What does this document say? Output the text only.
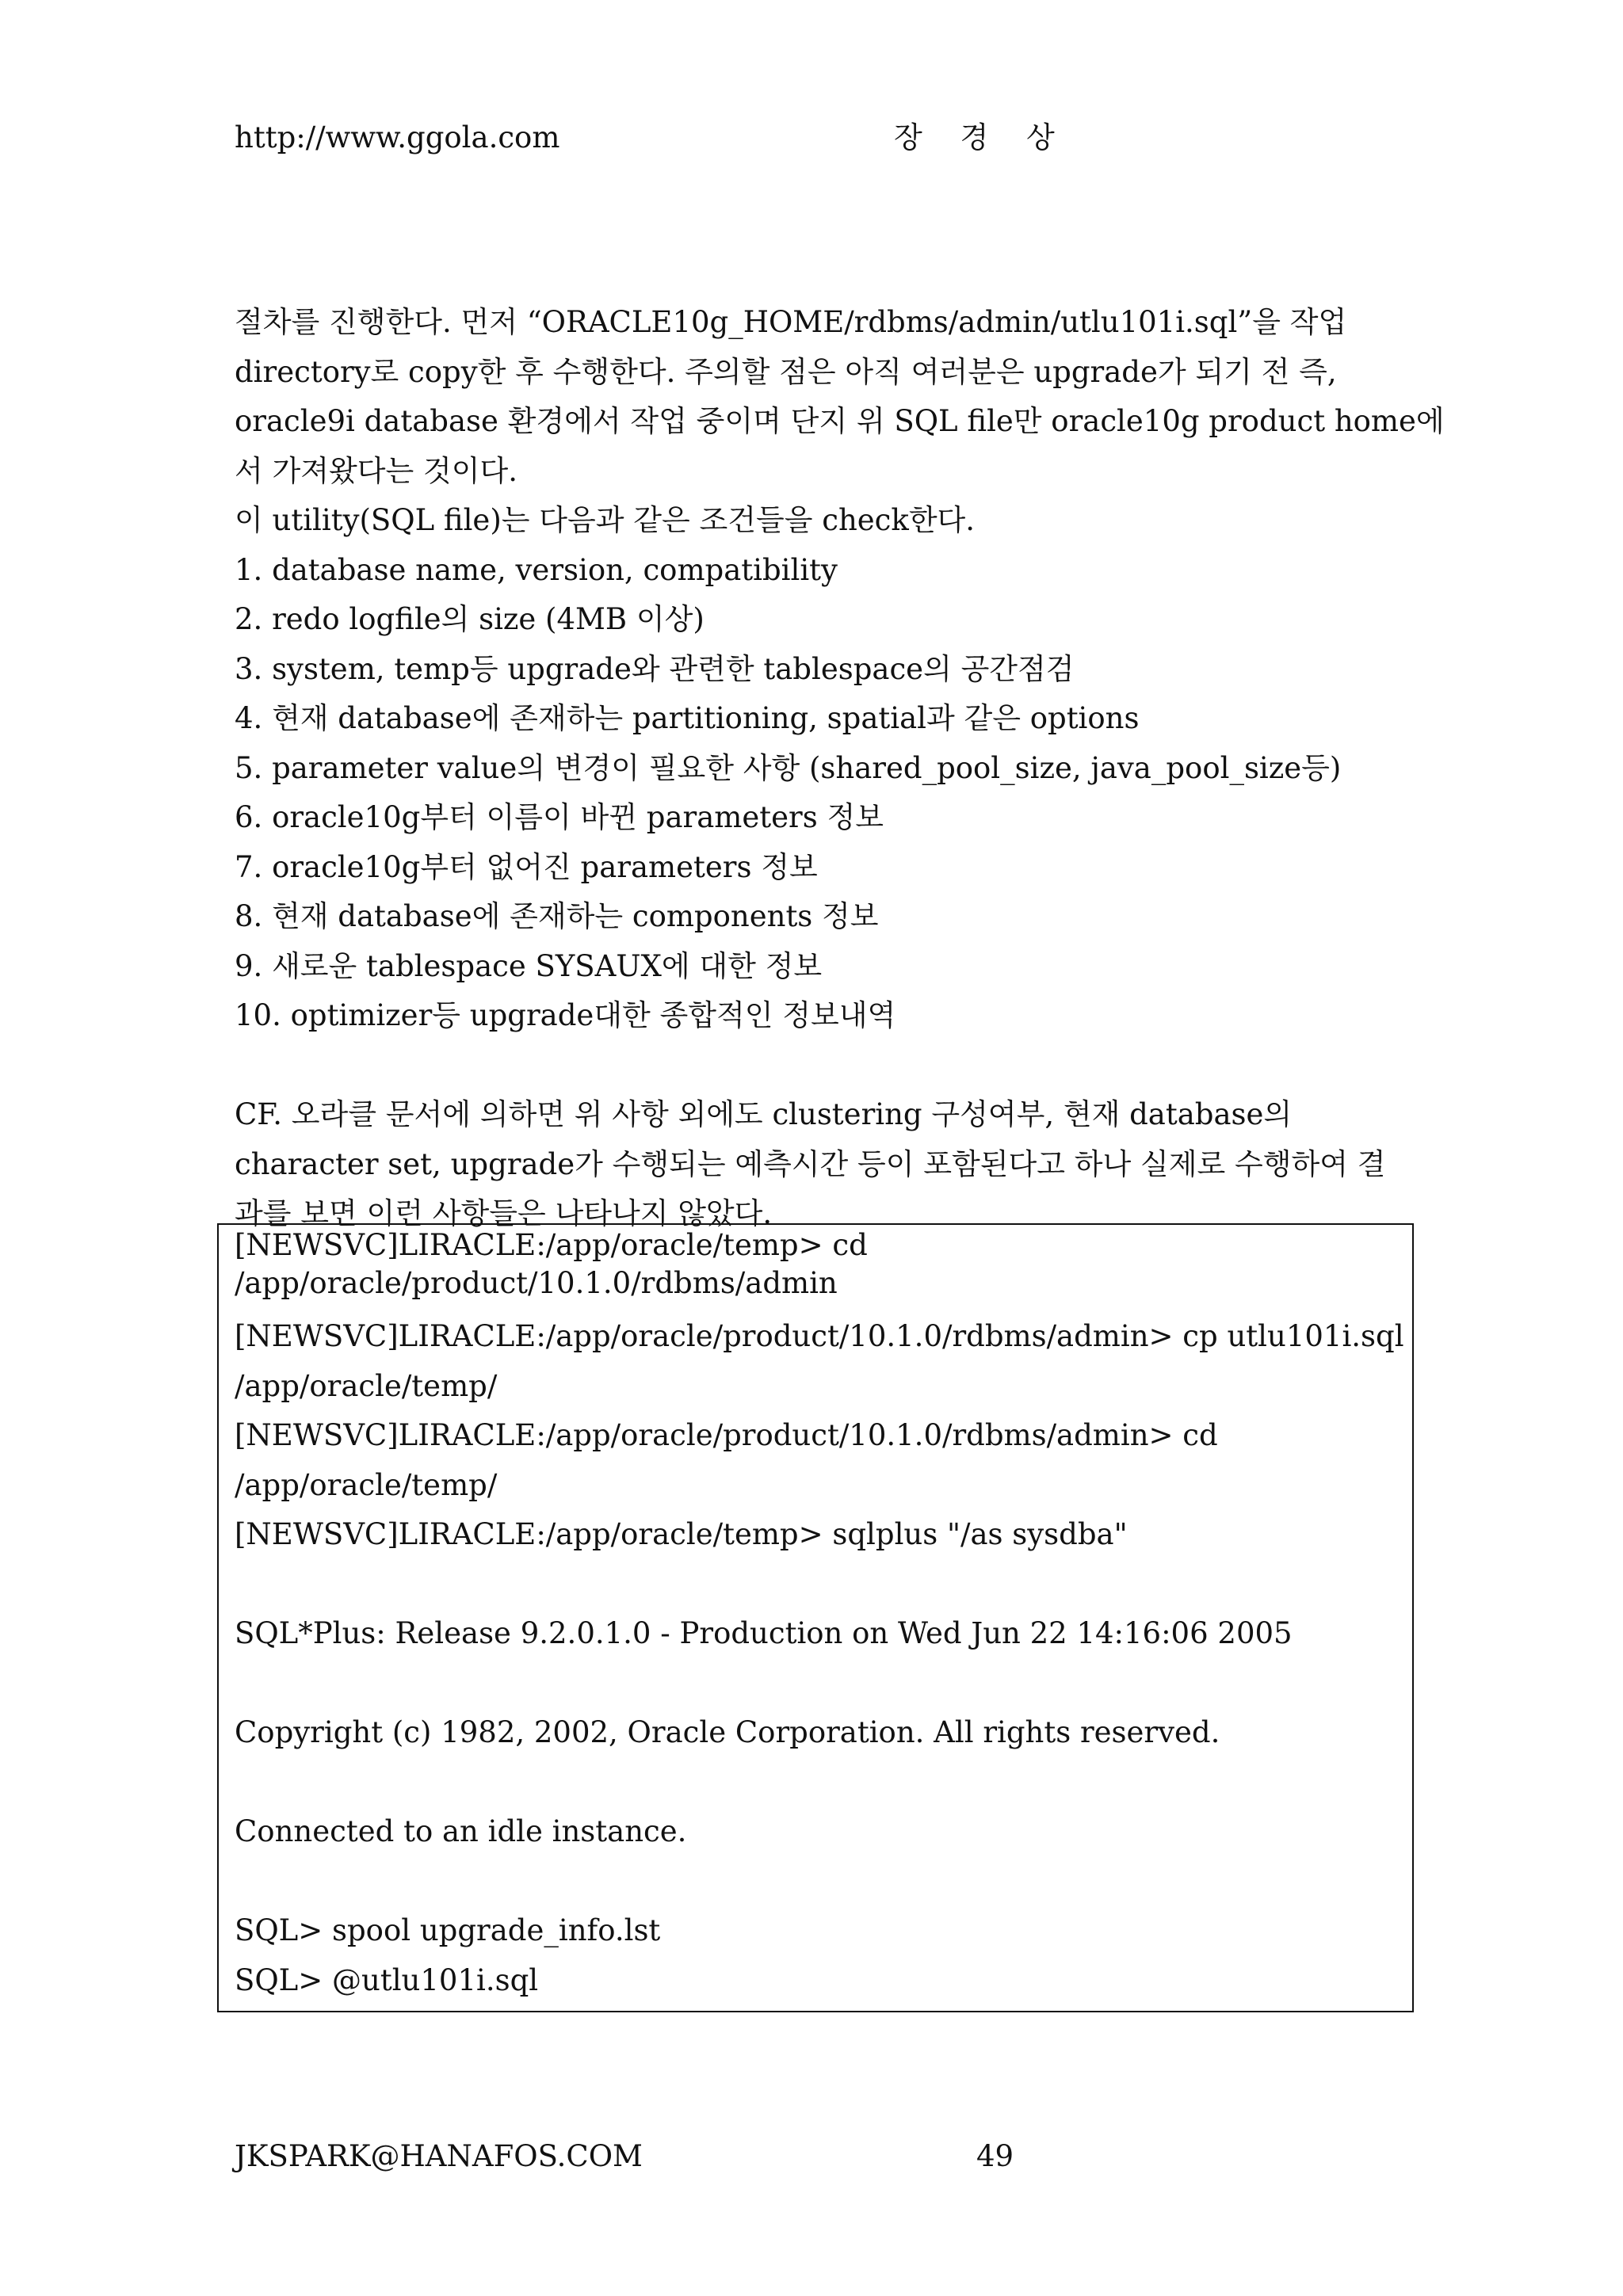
http://www.ggola.com	장 경 상
절차를 진행한다. 먼저 “ORACLE10g_HOME/rdbms/admin/utlu101i.sql”을 작업
directory로 copy한 후 수행한다. 주의할 점은 아직 여러분은 upgrade가 되기 전 즉,
oracle9i database 환경에서 작업 중이며 단지 위 SQL file만 oracle10g product home에
서 가져왔다는 것이다.
이 utility(SQL file)는 다음과 같은 조건들을 check한다.
1. database name, version, compatibility
2. redo logfile의 size (4MB 이상)
3. system, temp등 upgrade와 관련한 tablespace의 공간점검
4. 현재 database에 존재하는 partitioning, spatial과 같은 options
5. parameter value의 변경이 필요한 사항 (shared_pool_size, java_pool_size등)
6. oracle10g부터 이름이 바뀐 parameters 정보
7. oracle10g부터 없어진 parameters 정보
8. 현재 database에 존재하는 components 정보
9. 새로운 tablespace SYSAUX에 대한 정보
10. optimizer등 upgrade대한 종합적인 정보내역
CF. 오라클 문서에 의하면 위 사항 외에도 clustering 구성여부, 현재 database의
character set, upgrade가 수행되는 예측시간 등이 포함된다고 하나 실제로 수행하여 결
과를 보면 이런 사항들은 나타나지 않았다.
[NEWSVC]LIRACLE:/app/oracle/temp> cd
/app/oracle/product/10.1.0/rdbms/admin
[NEWSVC]LIRACLE:/app/oracle/product/10.1.0/rdbms/admin> cp utlu101i.sql
/app/oracle/temp/
[NEWSVC]LIRACLE:/app/oracle/product/10.1.0/rdbms/admin> cd
/app/oracle/temp/
[NEWSVC]LIRACLE:/app/oracle/temp> sqlplus "/as sysdba"
SQL*Plus: Release 9.2.0.1.0 - Production on Wed Jun 22 14:16:06 2005
Copyright (c) 1982, 2002, Oracle Corporation. All rights reserved.
Connected to an idle instance.
SQL> spool upgrade_info.lst
SQL> @utlu101i.sql
JKSPARK@HANAFOS.COM	49
